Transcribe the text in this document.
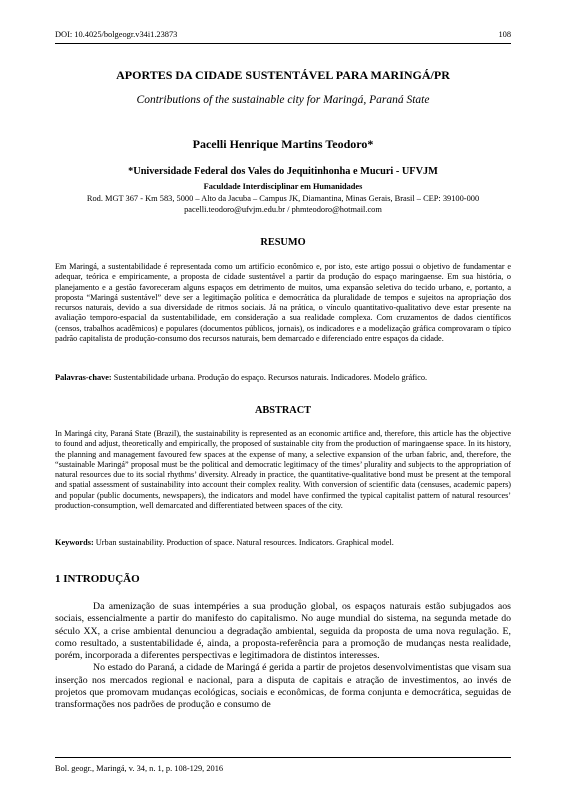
DOI: 10.4025/bolgeogr.v34i1.23873	108
APORTES DA CIDADE SUSTENTÁVEL PARA MARINGÁ/PR
Contributions of the sustainable city for Maringá, Paraná State
Pacelli Henrique Martins Teodoro*
*Universidade Federal dos Vales do Jequitinhonha e Mucuri - UFVJM
Faculdade Interdisciplinar em Humanidades
Rod. MGT 367 - Km 583, 5000 – Alto da Jacuba – Campus JK, Diamantina, Minas Gerais, Brasil – CEP: 39100-000
pacelli.teodoro@ufvjm.edu.br / phmteodoro@hotmail.com
RESUMO
Em Maringá, a sustentabilidade é representada como um artifício econômico e, por isto, este artigo possui o objetivo de fundamentar e adequar, teórica e empiricamente, a proposta de cidade sustentável a partir da produção do espaço maringaense. Em sua história, o planejamento e a gestão favoreceram alguns espaços em detrimento de muitos, uma expansão seletiva do tecido urbano, e, portanto, a proposta “Maringá sustentável” deve ser a legitimação política e democrática da pluralidade de tempos e sujeitos na apropriação dos recursos naturais, devido a sua diversidade de ritmos sociais. Já na prática, o vínculo quantitativo-qualitativo deve estar presente na avaliação temporo-espacial da sustentabilidade, em consideração a sua realidade complexa. Com cruzamentos de dados científicos (censos, trabalhos acadêmicos) e populares (documentos públicos, jornais), os indicadores e a modelização gráfica comprovaram o típico padrão capitalista de produção-consumo dos recursos naturais, bem demarcado e diferenciado entre espaços da cidade.
Palavras-chave: Sustentabilidade urbana. Produção do espaço. Recursos naturais. Indicadores. Modelo gráfico.
ABSTRACT
In Maringá city, Paraná State (Brazil), the sustainability is represented as an economic artifice and, therefore, this article has the objective to found and adjust, theoretically and empirically, the proposed of sustainable city from the production of maringaense space. In its history, the planning and management favoured few spaces at the expense of many, a selective expansion of the urban fabric, and, therefore, the “sustainable Maringá” proposal must be the political and democratic legitimacy of the times’ plurality and subjects to the appropriation of natural resources due to its social rhythms’ diversity. Already in practice, the quantitative-qualitative bond must be present at the temporal and spatial assessment of sustainability into account their complex reality. With conversion of scientific data (censuses, academic papers) and popular (public documents, newspapers), the indicators and model have confirmed the typical capitalist pattern of natural resources’ production-consumption, well demarcated and differentiated between spaces of the city.
Keywords: Urban sustainability. Production of space. Natural resources. Indicators. Graphical model.
1 INTRODUÇÃO

Da amenização de suas intempéries a sua produção global, os espaços naturais estão subjugados aos sociais, essencialmente a partir do manifesto do capitalismo. No auge mundial do sistema, na segunda metade do século XX, a crise ambiental denunciou a degradação ambiental, seguida da proposta de uma nova regulação. E, como resultado, a sustentabilidade é, ainda, a proposta-referência para a promoção de mudanças nesta realidade, porém, incorporada a diferentes perspectivas e legitimadora de distintos interesses.

No estado do Paraná, a cidade de Maringá é gerida a partir de projetos desenvolvimentistas que visam sua inserção nos mercados regional e nacional, para a disputa de capitais e atração de investimentos, ao invés de projetos que promovam mudanças ecológicas, sociais e econômicas, de forma conjunta e democrática, seguidas de transformações nos padrões de produção e consumo de

Bol. geogr., Maringá, v. 34, n. 1, p. 108-129, 2016
